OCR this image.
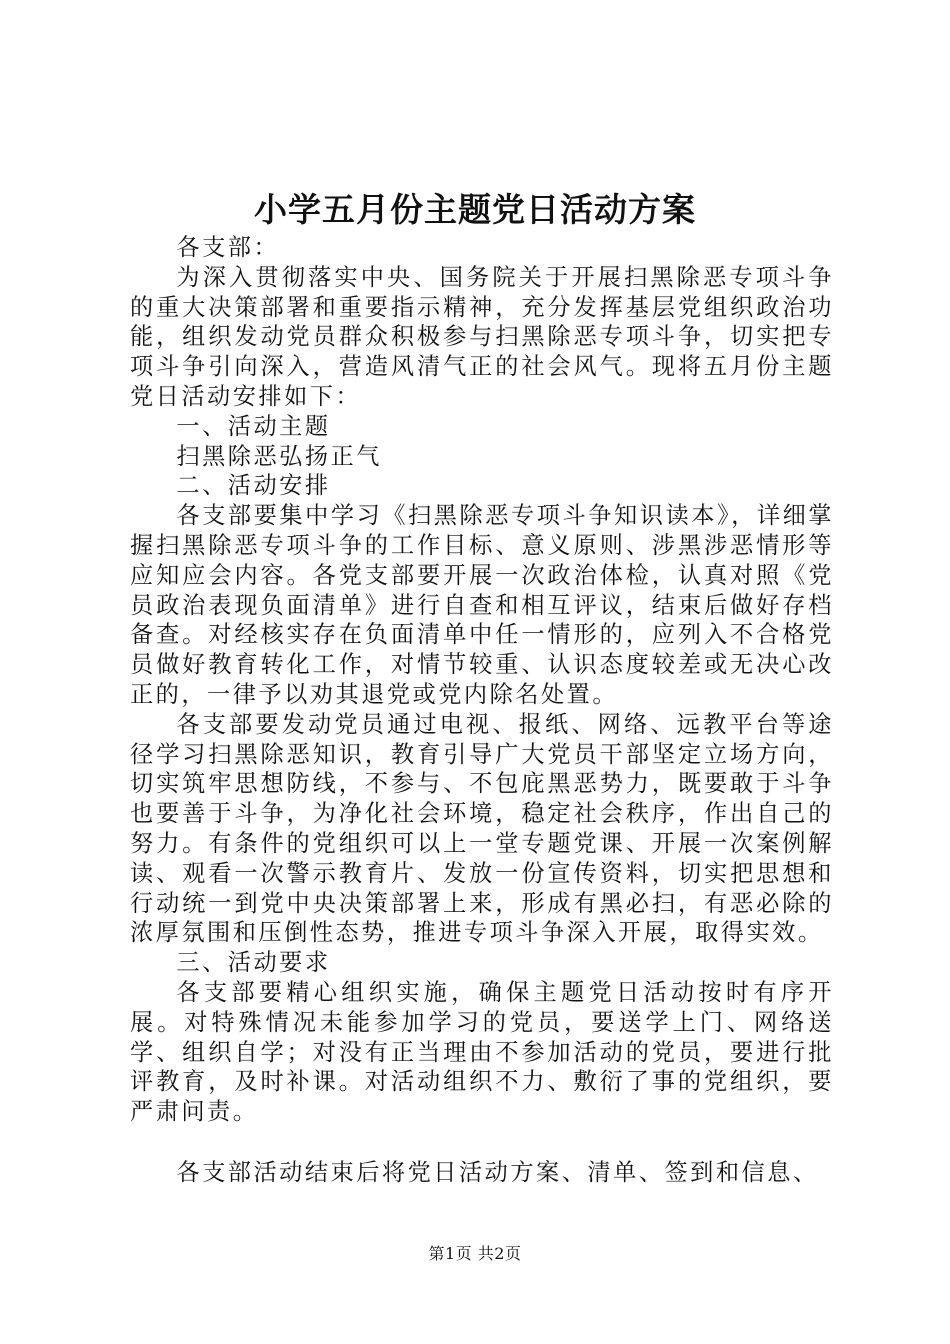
小学五月份主题党日活动方案

各支部：

为深入贯彻落实中央、国务院关于开展扫黑除恶专项斗争的重大决策部署和重要指示精神，充分发挥基层党组织政治功能，组织发动党员群众积极参与扫黑除恶专项斗争，切实把专项斗争引向深入，营造风清气正的社会风气。现将五月份主题党日活动安排如下：

一、活动主题

扫黑除恶弘扬正气

二、活动安排

各支部要集中学习《扫黑除恶专项斗争知识读本》，详细掌握扫黑除恶专项斗争的工作目标、意义原则、涉黑涉恶情形等应知应会内容。各党支部要开展一次政治体检，认真对照《党员政治表现负面清单》进行自查和相互评议，结束后做好存档备查。对经核实存在负面清单中任一情形的，应列入不合格党员做好教育转化工作，对情节较重、认识态度较差或无决心改正的，一律予以劝其退党或党内除名处置。

各支部要发动党员通过电视、报纸、网络、远教平台等途径学习扫黑除恶知识，教育引导广大党员干部坚定立场方向，切实筑牢思想防线，不参与、不包庇黑恶势力，既要敢于斗争也要善于斗争，为净化社会环境，稳定社会秩序，作出自己的努力。有条件的党组织可以上一堂专题党课、开展一次案例解读、观看一次警示教育片、发放一份宣传资料，切实把思想和行动统一到党中央决策部署上来，形成有黑必扫，有恶必除的浓厚氛围和压倒性态势，推进专项斗争深入开展，取得实效。

三、活动要求

各支部要精心组织实施，确保主题党日活动按时有序开展。对特殊情况未能参加学习的党员，要送学上门、网络送学、组织自学；对没有正当理由不参加活动的党员，要进行批评教育，及时补课。对活动组织不力、敷衍了事的党组织，要严肃问责。

各支部活动结束后将党日活动方案、清单、签到和信息、

第1页 共2页
